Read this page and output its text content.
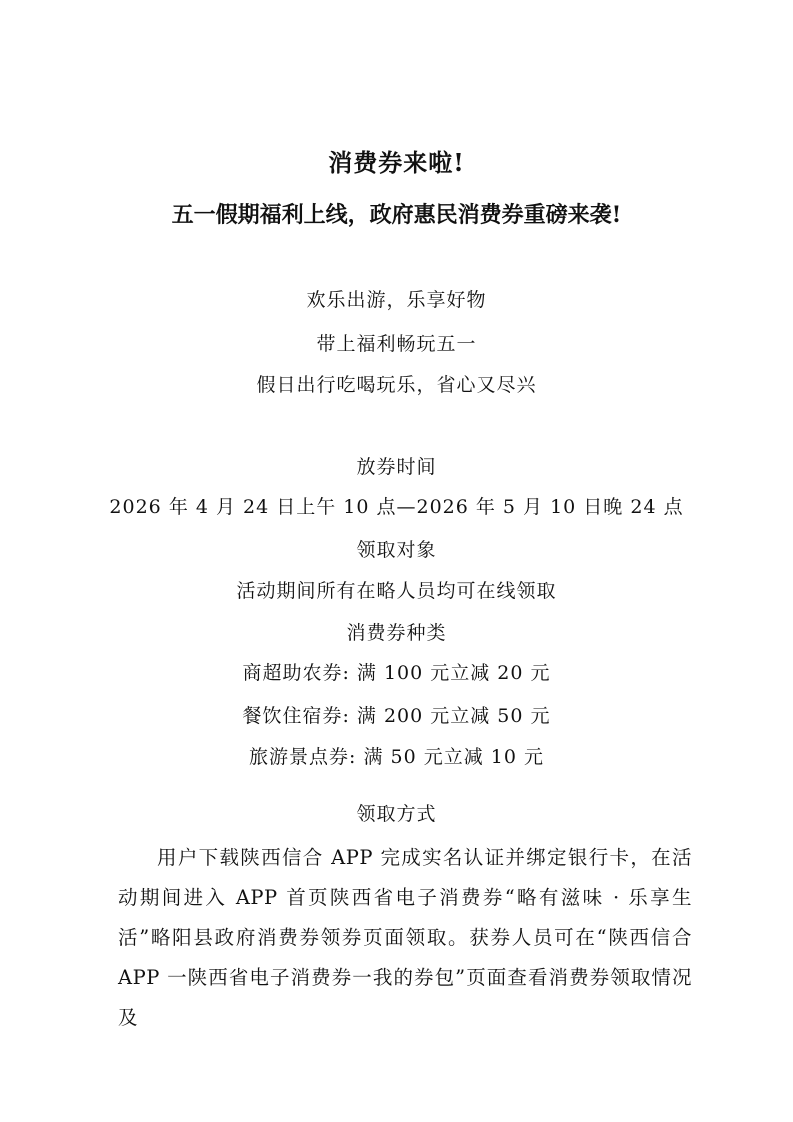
消费券来啦!
五一假期福利上线，政府惠民消费券重磅来袭!
欢乐出游，乐享好物
带上福利畅玩五一
假日出行吃喝玩乐，省心又尽兴
放券时间
2026 年 4 月 24 日上午 10 点—2026 年 5 月 10 日晚 24 点
领取对象
活动期间所有在略人员均可在线领取
消费券种类
商超助农券: 满 100 元立减 20 元
餐饮住宿券: 满 200 元立减 50 元
旅游景点券: 满 50 元立减 10 元
领取方式
用户下载陕西信合 APP 完成实名认证并绑定银行卡，在活动期间进入 APP 首页陕西省电子消费券“略有滋味 · 乐享生活”略阳县政府消费券领券页面领取。获券人员可在“陕西信合 APP 一陕西省电子消费券一我的券包”页面查看消费券领取情况及
